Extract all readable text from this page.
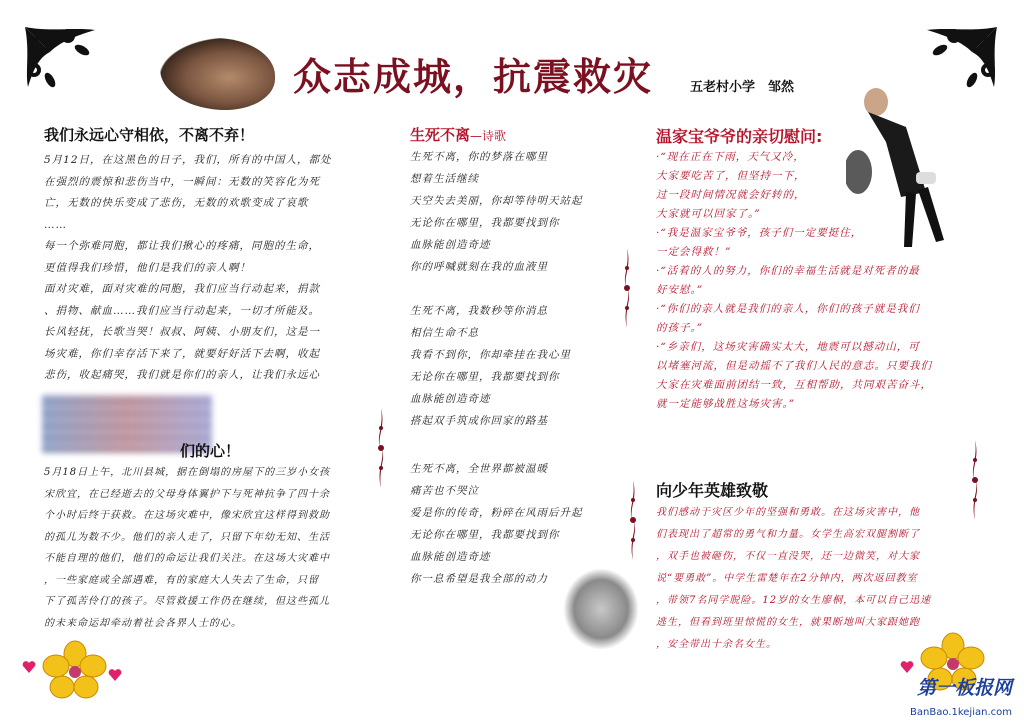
众志成城，抗震救灾	五老村小学　邹然
我们永远心守相依，不离不弃！

5月12日，在这黑色的日子，我们，所有的中国人，都处

在强烈的震惊和悲伤当中，一瞬间：无数的笑容化为死

亡，无数的快乐变成了悲伤，无数的欢歌变成了哀歌

……

每一个弥难同胞，都让我们揪心的疼痛，同胞的生命，

更值得我们珍惜，他们是我们的亲人啊！

面对灾难，面对灾难的同胞，我们应当行动起来，捐款

、捐物、献血……我们应当行动起来，一切才所能及。

长风轻抚，长歌当哭！叔叔、阿姨、小朋友们，这是一

场灾难，你们幸存活下来了，就要好好活下去啊，收起

悲伤，收起痛哭，我们就是你们的亲人，让我们永远心

们的心！

5月18日上午，北川县城，据在倒塌的房屋下的三岁小女孩

宋欣宜，在已经逝去的父母身体翼护下与死神抗争了四十余

个小时后终于获救。在这场灾难中，像宋欣宜这样得到救助

的孤儿为数不少。他们的亲人走了，只留下年幼无知、生活

不能自理的他们，他们的命运让我们关注。在这场大灾难中

，一些家庭或全部遇难，有的家庭大人失去了生命，只留

下了孤苦伶仃的孩子。尽管救援工作仍在继续，但这些孤儿

的未来命运却牵动着社会各界人士的心。

生死不离—诗歌

生死不离，你的梦落在哪里

想着生活继续

天空失去美丽，你却等待明天站起

无论你在哪里，我都要找到你

血脉能创造奇迹

你的呼喊就刻在我的血液里

生死不离，我数秒等你消息

相信生命不息

我看不到你，你却牵挂在我心里

无论你在哪里，我都要找到你

血脉能创造奇迹

搭起双手筑成你回家的路基

生死不离，全世界都被温暖

痛苦也不哭泣

爱是你的传奇，粉碎在风雨后升起

无论你在哪里，我都要找到你

血脉能创造奇迹

你一息希望是我全部的动力

温家宝爷爷的亲切慰问:

·“现在正在下雨，天气又冷，

大家要吃苦了，但坚持一下，

过一段时间情况就会好转的，

大家就可以回家了。”

·“我是温家宝爷爷，孩子们一定要挺住，

一定会得救！”

·“活着的人的努力，你们的幸福生活就是对死者的最

好安慰。”

·“你们的亲人就是我们的亲人，你们的孩子就是我们

的孩子。”

·“乡亲们，这场灾害确实太大，地震可以撼动山，可

以堵塞河流，但是动摇不了我们人民的意志。只要我们

大家在灾难面前团结一致，互相帮助，共同艰苦奋斗，

就一定能够战胜这场灾害。”

向少年英雄致敬

我们感动于灾区少年的坚强和勇敢。在这场灾害中，他

们表现出了超常的勇气和力量。女学生高宏双腿割断了

，双手也被砸伤，不仅一直没哭，还一边微笑，对大家

说“要勇敢”。中学生雷楚年在2分钟内，两次返回教室

，带领7名同学脱险。12岁的女生廖桐，本可以自己迅速

逃生，但看到班里惊慌的女生，就果断地叫大家跟她跑

，安全带出十余名女生。

第一板报网
BanBao.1kejian.com
